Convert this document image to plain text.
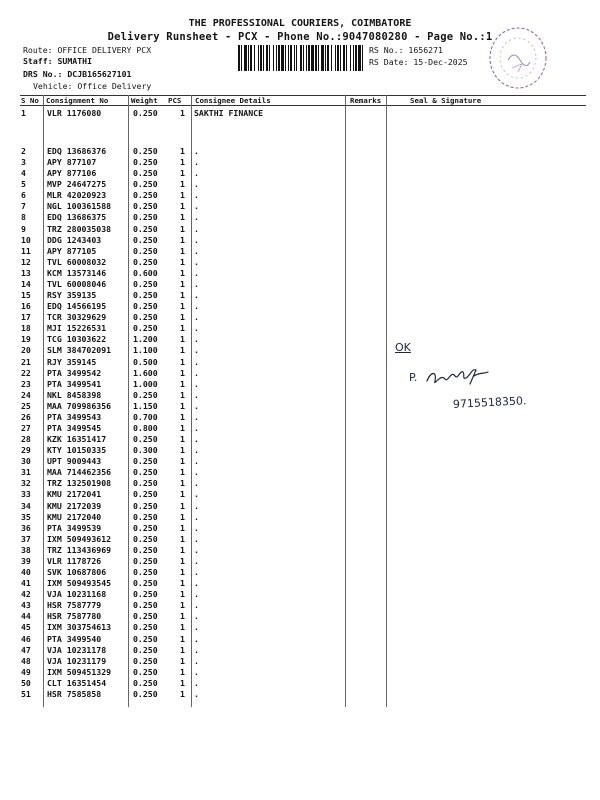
THE PROFESSIONAL COURIERS, COIMBATORE
Delivery Runsheet - PCX - Phone No.:9047080280 - Page No.:1
Route: OFFICE DELIVERY PCX
Staff: SUMATHI
DRS No.: DCJB165627101
Vehicle: Office Delivery
RS No.: 1656271
RS Date: 15-Dec-2025
S No Consignment No	Weight PCS Consignee Details	Remarks	Seal & Signature
1	VLR 1176080	0.250	1 SAKTHI FINANCE
2	EDQ 13686376	0.250	1 .
3	APY 877107	0.250	1 .
4	APY 877106	0.250	1 .
5	MVP 24647275	0.250	1 .
6	MLR 42020923	0.250	1 .
7	NGL 100361588	0.250	1 .
8	EDQ 13686375	0.250	1 .
9	TRZ 280035038	0.250	1 .
10 DDG 1243403	0.250	1 .
11 APY 877105	0.250	1 .
12 TVL 60008032	0.250	1 .
13 KCM 13573146	0.600	1 .
14 TVL 60008046	0.250	1 .
15 RSY 359135	0.250	1 .
16 EDQ 14566195	0.250	1 .
17 TCR 30329629	0.250	1 .
18 MJI 15226531	0.250	1 .
19 TCG 10303622	1.200	1 .
20 SLM 384702091	1.100	1 .
21 RJY 359145	0.500	1 .
22 PTA 3499542	1.600	1 .
23 PTA 3499541	1.000	1 .
24 NKL 8458398	0.250	1 .
25 MAA 709986356	1.150	1 .
26 PTA 3499543	0.700	1 .
27 PTA 3499545	0.800	1 .
28 KZK 16351417	0.250	1 .
29 KTY 10150335	0.300	1 .
30 UPT 9009443	0.250	1 .
31 MAA 714462356	0.250	1 .
32 TRZ 132501908	0.250	1 .
33 KMU 2172041	0.250	1 .
34 KMU 2172039	0.250	1 .
35 KMU 2172040	0.250	1 .
36 PTA 3499539	0.250	1 .
37 IXM 509493612	0.250	1 .
38 TRZ 113436969	0.250	1 .
39 VLR 1178726	0.250	1 .
40 SVK 10687806	0.250	1 .
41 IXM 509493545	0.250	1 .
42 VJA 10231168	0.250	1 .
43 HSR 7587779	0.250	1 .
44 HSR 7587780	0.250	1 .
45 IXM 303754613	0.250	1 .
46 PTA 3499540	0.250	1 .
47 VJA 10231178	0.250	1 .
48 VJA 10231179	0.250	1 .
49 IXM 509451329	0.250	1 .
50 CLT 16351454	0.250	1 .
51 HSR 7585858	0.250	1 .
OK
P.
9715518350.
